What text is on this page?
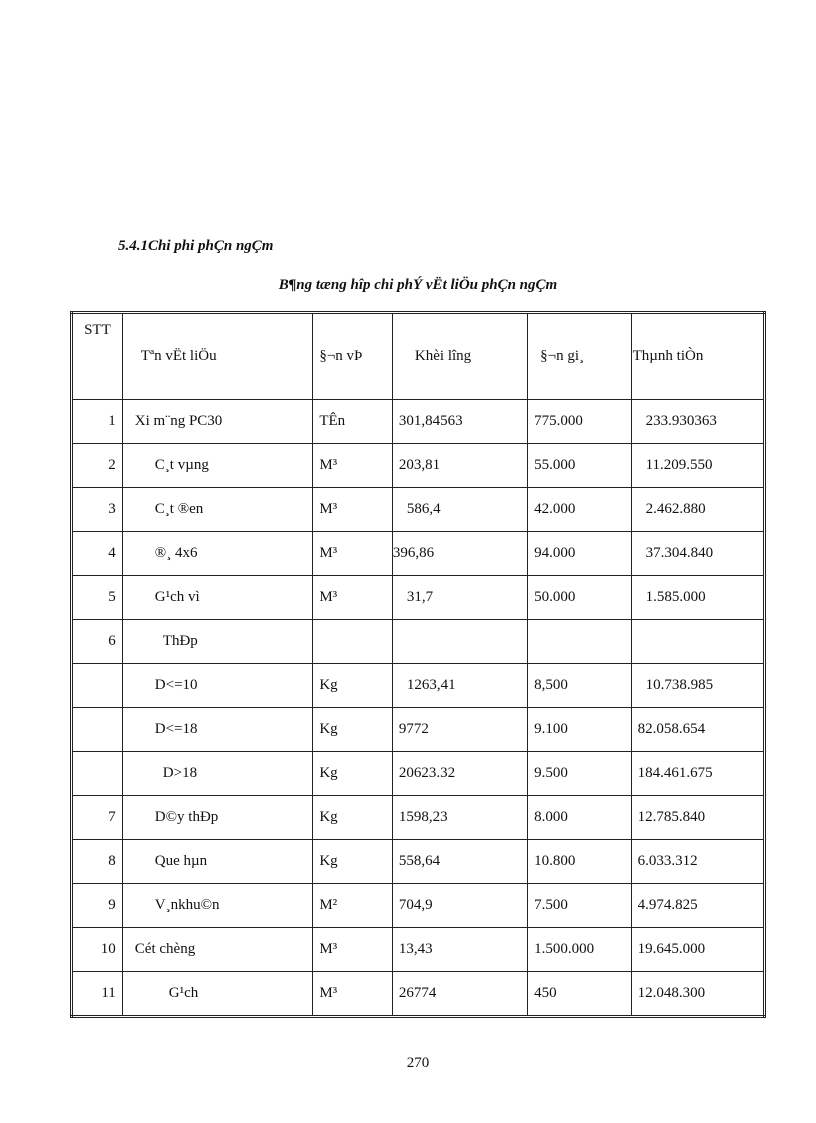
5.4.1Chi phi phÇn ngÇm
B¶ng tæng hîp chi phÝ vËt liÖu phÇn ngÇm
STT	Tªn vËt liÖu	§¬n vÞ	Khèi lîng	§¬n gi¸	Thµnh tiÒn
1	Xi m¨ng PC30	TÊn	301,84563	775.000	233.930363
2	C¸t vµng	M³	203,81	55.000	11.209.550
3	C¸t ®en	M³	586,4	42.000	2.462.880
4	®¸ 4x6	M³	396,86	94.000	37.304.840
5	G¹ch vì	M³	31,7	50.000	1.585.000
6	ThÐp				
	D<=10	Kg	1263,41	8,500	10.738.985
	D<=18	Kg	9772	9.100	82.058.654
	D>18	Kg	20623.32	9.500	184.461.675
7	D©y thÐp	Kg	1598,23	8.000	12.785.840
8	Que hµn	Kg	558,64	10.800	6.033.312
9	V¸nkhu©n	M²	704,9	7.500	4.974.825
10	Cét chèng	M³	13,43	1.500.000	19.645.000
11	G¹ch	M³	26774	450	12.048.300
270
